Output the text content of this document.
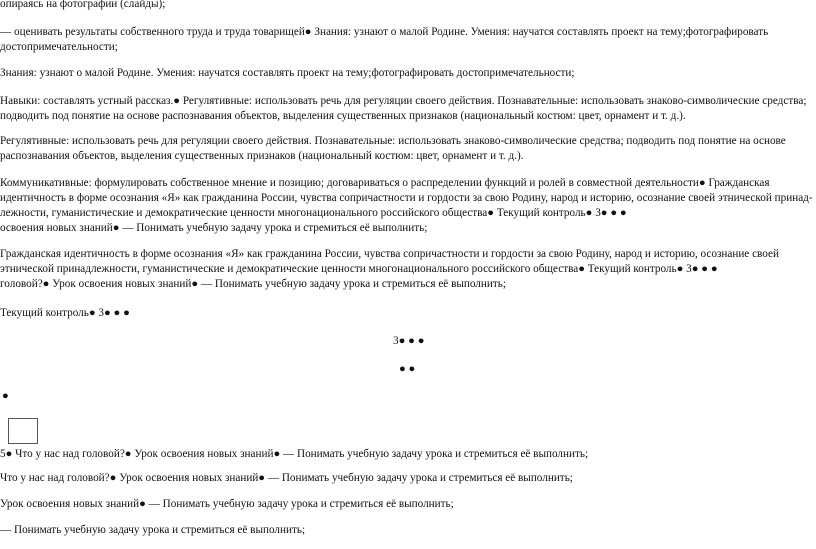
опираясь на фотографии (слайды);
— оценивать результаты собственного труда и труда товарищей● Знания: узнают о малой Родине. Умения: научатся составлять проект на тему;фотографировать
достопримечательности;
Знания: узнают о малой Родине. Умения: научатся составлять проект на тему;фотографировать достопримечательности;
Навыки: составлять устный рассказ.● Регулятивные: использовать речь для регуляции своего действия. Познавательные: использовать знаково-символические средства;
подводить под понятие на основе распознавания объектов, выделения существенных признаков (национальный костюм: цвет, орнамент и т. д.).
Регулятивные: использовать речь для регуляции своего действия. Познавательные: использовать знаково-символические средства; подводить под понятие на основе
распознавания объектов, выделения существенных признаков (национальный костюм: цвет, орнамент и т. д.).
Коммуникативные: формулировать собственное мнение и позицию; договариваться о распределении функций и ролей в совместной деятельности● Гражданская
идентичность в форме осознания «Я» как гражданина России, чувства сопричастности и гордости за свою Родину, народ и историю, осознание своей этнической принад-
лежности, гуманистические и демократические ценности многонационального российского общества● Текущий контроль● 3● ● ●
освоения новых знаний● — Понимать учебную задачу урока и стремиться её выполнить;
Гражданская идентичность в форме осознания «Я» как гражданина России, чувства сопричастности и гордости за свою Родину, народ и историю, осознание своей
этнической принадлежности, гуманистические и демократические ценности многонационального российского общества● Текущий контроль● 3● ● ●
головой?● Урок освоения новых знаний● — Понимать учебную задачу урока и стремиться её выполнить;
Текущий контроль● 3● ● ●
3● ● ●
● ●
●
5● Что у нас над головой?● Урок освоения новых знаний● — Понимать учебную задачу урока и стремиться её выполнить;
Что у нас над головой?● Урок освоения новых знаний● — Понимать учебную задачу урока и стремиться её выполнить;
Урок освоения новых знаний● — Понимать учебную задачу урока и стремиться её выполнить;
— Понимать учебную задачу урока и стремиться её выполнить;
